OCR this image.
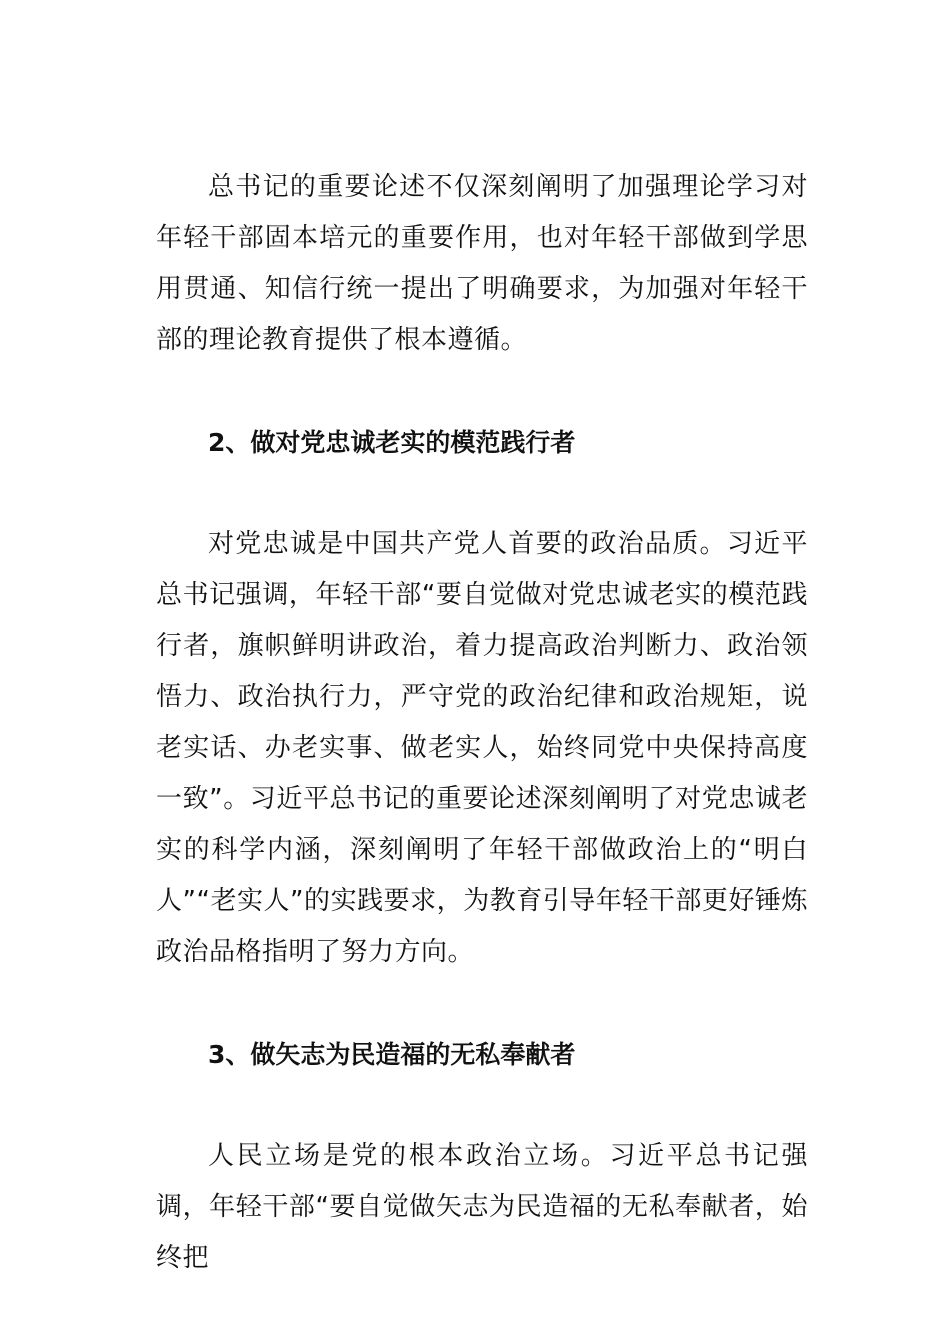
总书记的重要论述不仅深刻阐明了加强理论学习对年轻干部固本培元的重要作用，也对年轻干部做到学思用贯通、知信行统一提出了明确要求，为加强对年轻干部的理论教育提供了根本遵循。

2、做对党忠诚老实的模范践行者

对党忠诚是中国共产党人首要的政治品质。习近平总书记强调，年轻干部“要自觉做对党忠诚老实的模范践行者，旗帜鲜明讲政治，着力提高政治判断力、政治领悟力、政治执行力，严守党的政治纪律和政治规矩，说老实话、办老实事、做老实人，始终同党中央保持高度一致”。习近平总书记的重要论述深刻阐明了对党忠诚老实的科学内涵，深刻阐明了年轻干部做政治上的“明白人”“老实人”的实践要求，为教育引导年轻干部更好锤炼政治品格指明了努力方向。

3、做矢志为民造福的无私奉献者

人民立场是党的根本政治立场。习近平总书记强调，年轻干部“要自觉做矢志为民造福的无私奉献者，始终把
